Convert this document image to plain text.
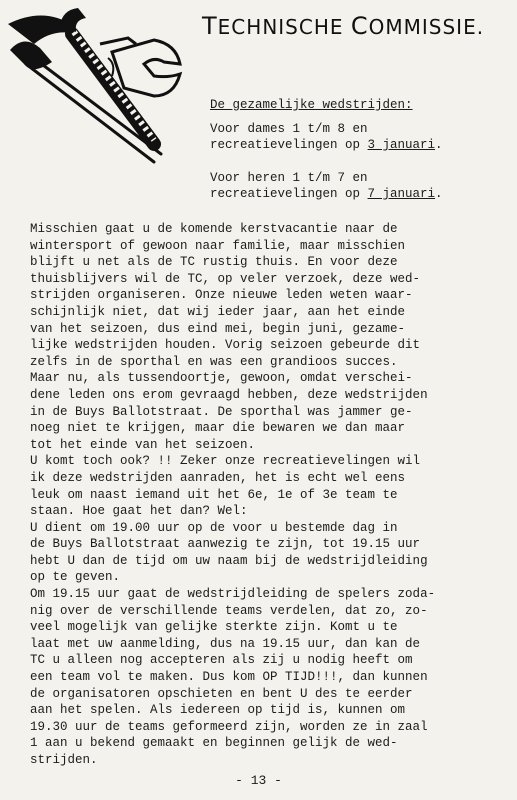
TECHNISCHE COMMISSIE.
De gezamelijke wedstrijden:
Voor dames 1 t/m 8 en
recreatievelingen op 3 januari.
Voor heren 1 t/m 7 en
recreatievelingen op 7 januari.
Misschien gaat u de komende kerstvacantie naar de
wintersport of gewoon naar familie, maar misschien
blijft u net als de TC rustig thuis. En voor deze
thuisblijvers wil de TC, op veler verzoek, deze wed-
strijden organiseren. Onze nieuwe leden weten waar-
schijnlijk niet, dat wij ieder jaar, aan het einde
van het seizoen, dus eind mei, begin juni, gezame-
lijke wedstrijden houden. Vorig seizoen gebeurde dit
zelfs in de sporthal en was een grandioos succes.
Maar nu, als tussendoortje, gewoon, omdat verschei-
dene leden ons erom gevraagd hebben, deze wedstrijden
in de Buys Ballotstraat. De sporthal was jammer ge-
noeg niet te krijgen, maar die bewaren we dan maar
tot het einde van het seizoen.
U komt toch ook? !! Zeker onze recreatievelingen wil
ik deze wedstrijden aanraden, het is echt wel eens
leuk om naast iemand uit het 6e, 1e of 3e team te
staan. Hoe gaat het dan? Wel:
U dient om 19.00 uur op de voor u bestemde dag in
de Buys Ballotstraat aanwezig te zijn, tot 19.15 uur
hebt U dan de tijd om uw naam bij de wedstrijdleiding
op te geven.
Om 19.15 uur gaat de wedstrijdleiding de spelers zoda-
nig over de verschillende teams verdelen, dat zo, zo-
veel mogelijk van gelijke sterkte zijn. Komt u te
laat met uw aanmelding, dus na 19.15 uur, dan kan de
TC u alleen nog accepteren als zij u nodig heeft om
een team vol te maken. Dus kom OP TIJD!!!, dan kunnen
de organisatoren opschieten en bent U des te eerder
aan het spelen. Als iedereen op tijd is, kunnen om
19.30 uur de teams geformeerd zijn, worden ze in zaal
1 aan u bekend gemaakt en beginnen gelijk de wed-
strijden.
- 13 -
